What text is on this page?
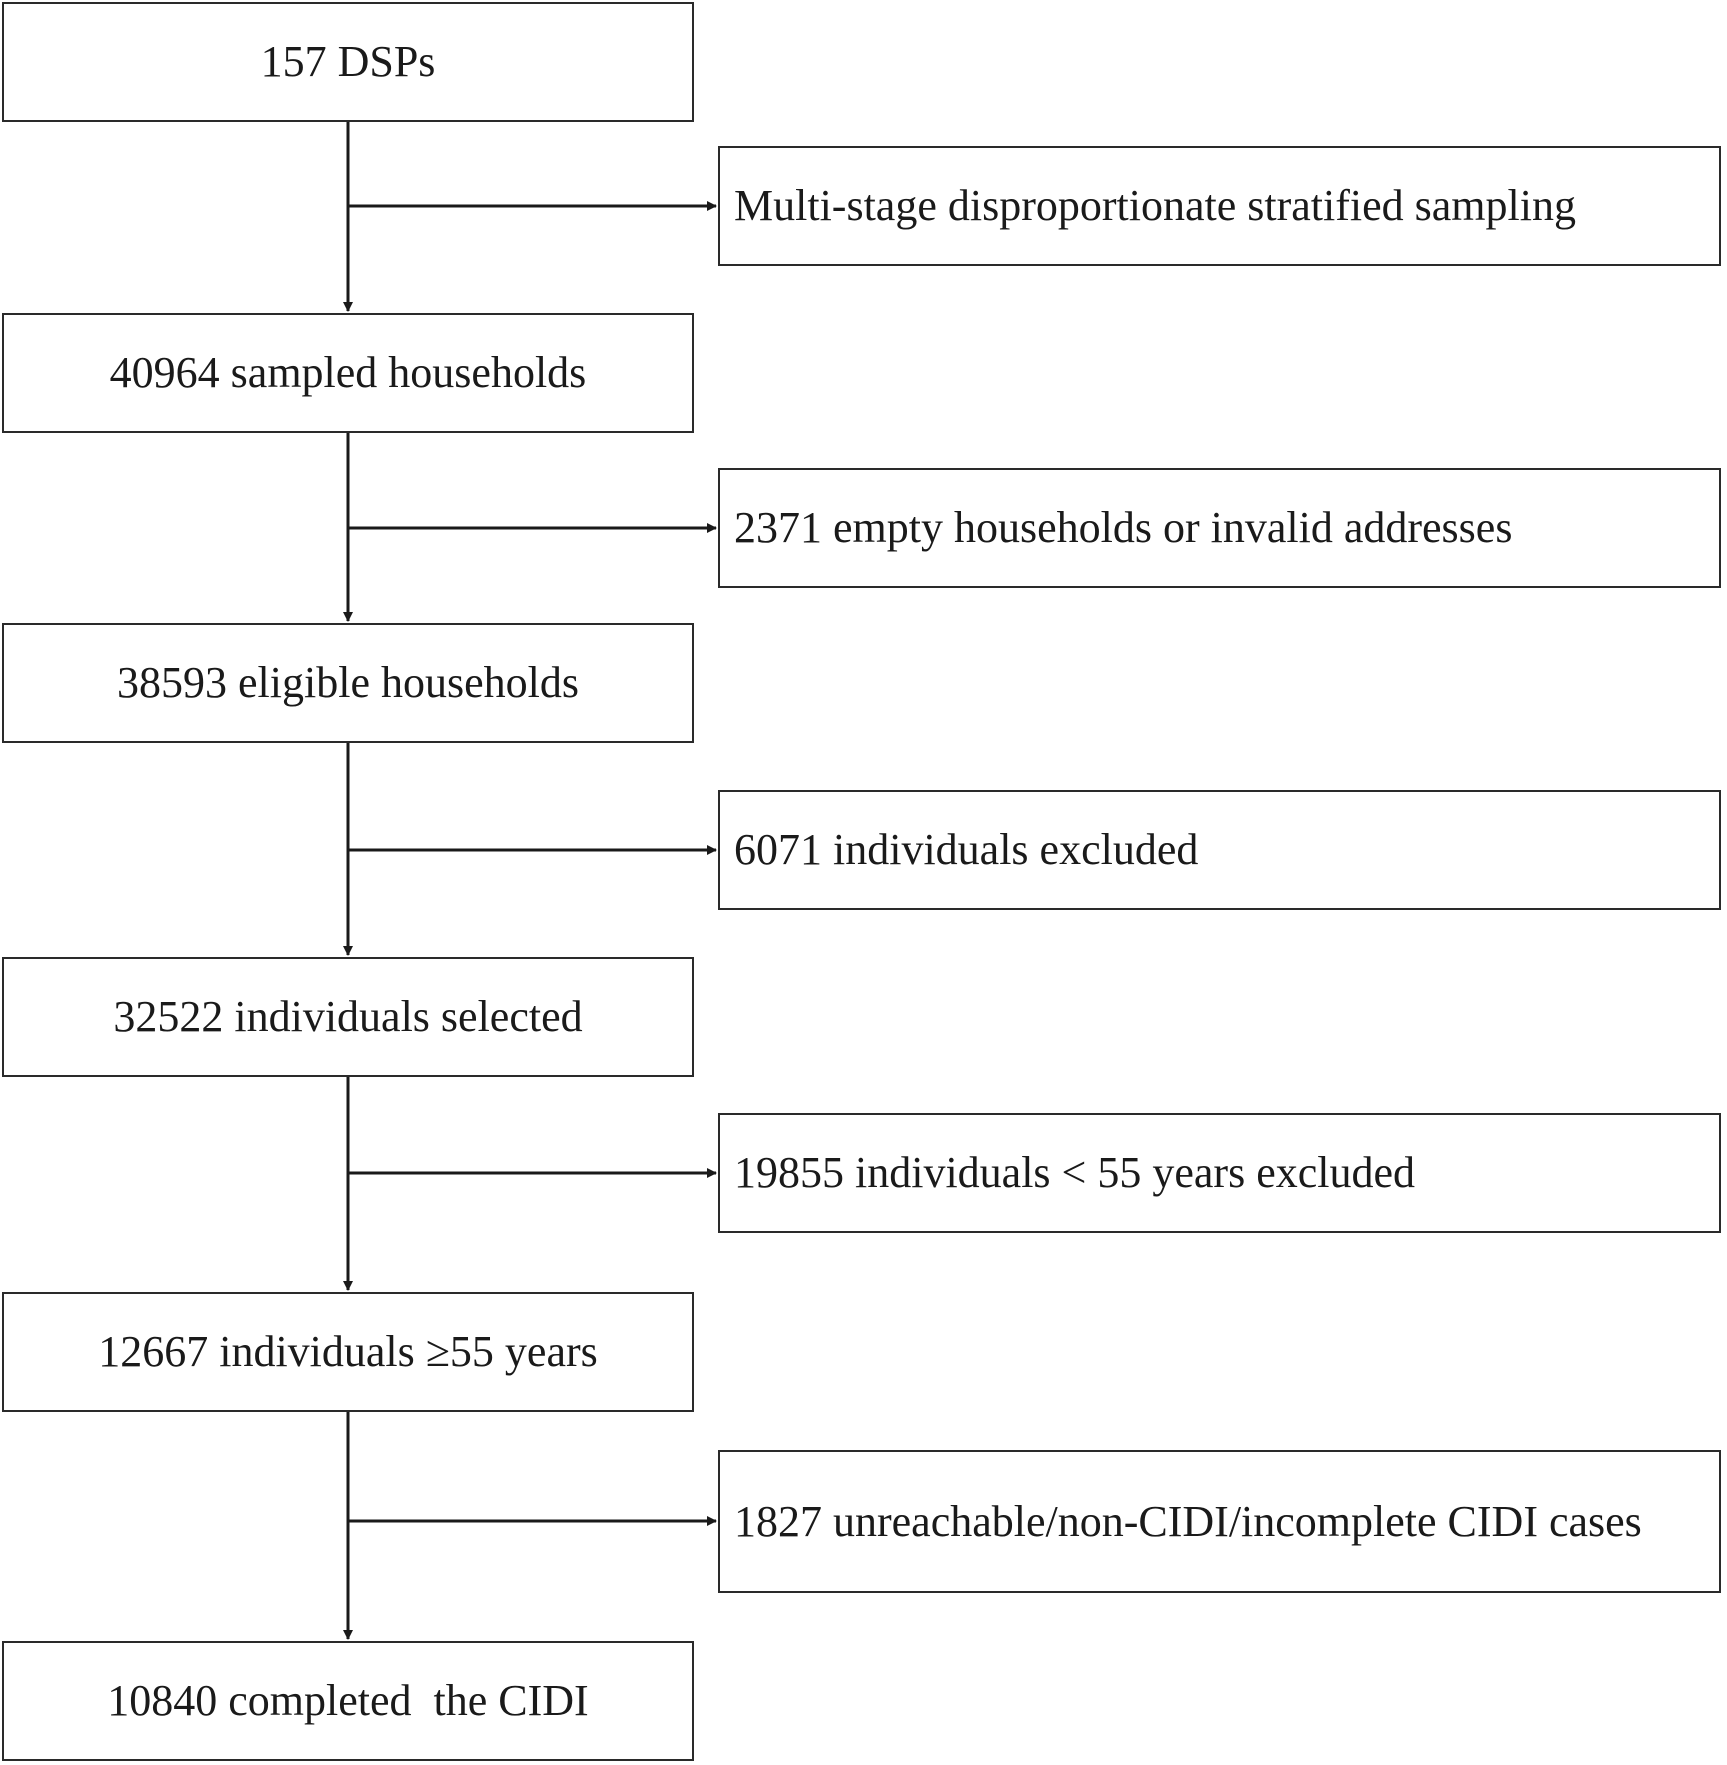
157 DSPs
40964 sampled households
38593 eligible households
32522 individuals selected
12667 individuals ≥55 years
10840 completed  the CIDI
Multi-stage disproportionate stratified sampling
2371 empty households or invalid addresses
6071 individuals excluded
19855 individuals < 55 years excluded
1827 unreachable/non-CIDI/incomplete CIDI cases
